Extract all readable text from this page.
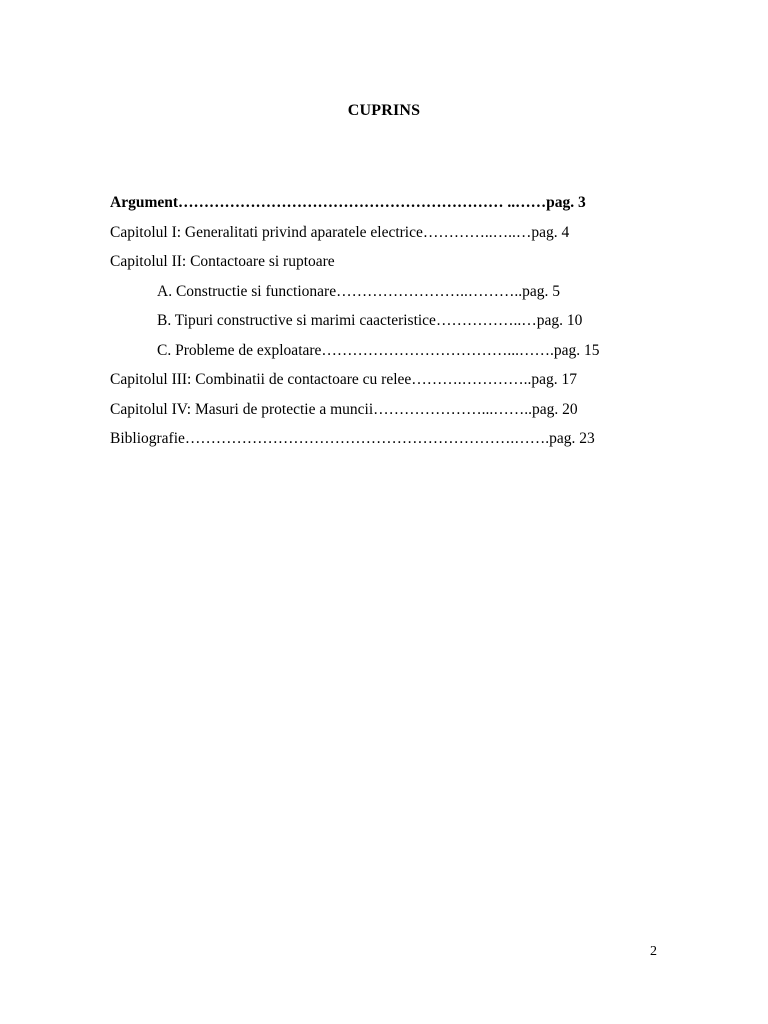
CUPRINS
Argument……………………………………………………… ..……pag. 3
Capitolul I: Generalitati privind aparatele electrice…………..…..…pag. 4
Capitolul II: Contactoare si ruptoare
A. Constructie si functionare……………………..………..pag. 5
B. Tipuri constructive si marimi caacteristice……………..…pag. 10
C. Probleme de exploatare………………………………...…….pag. 15
Capitolul III: Combinatii de contactoare cu relee……….…………..pag. 17
Capitolul IV: Masuri de protectie a muncii…………………...……..pag. 20
Bibliografie……………………………………………………….…….pag. 23
2
